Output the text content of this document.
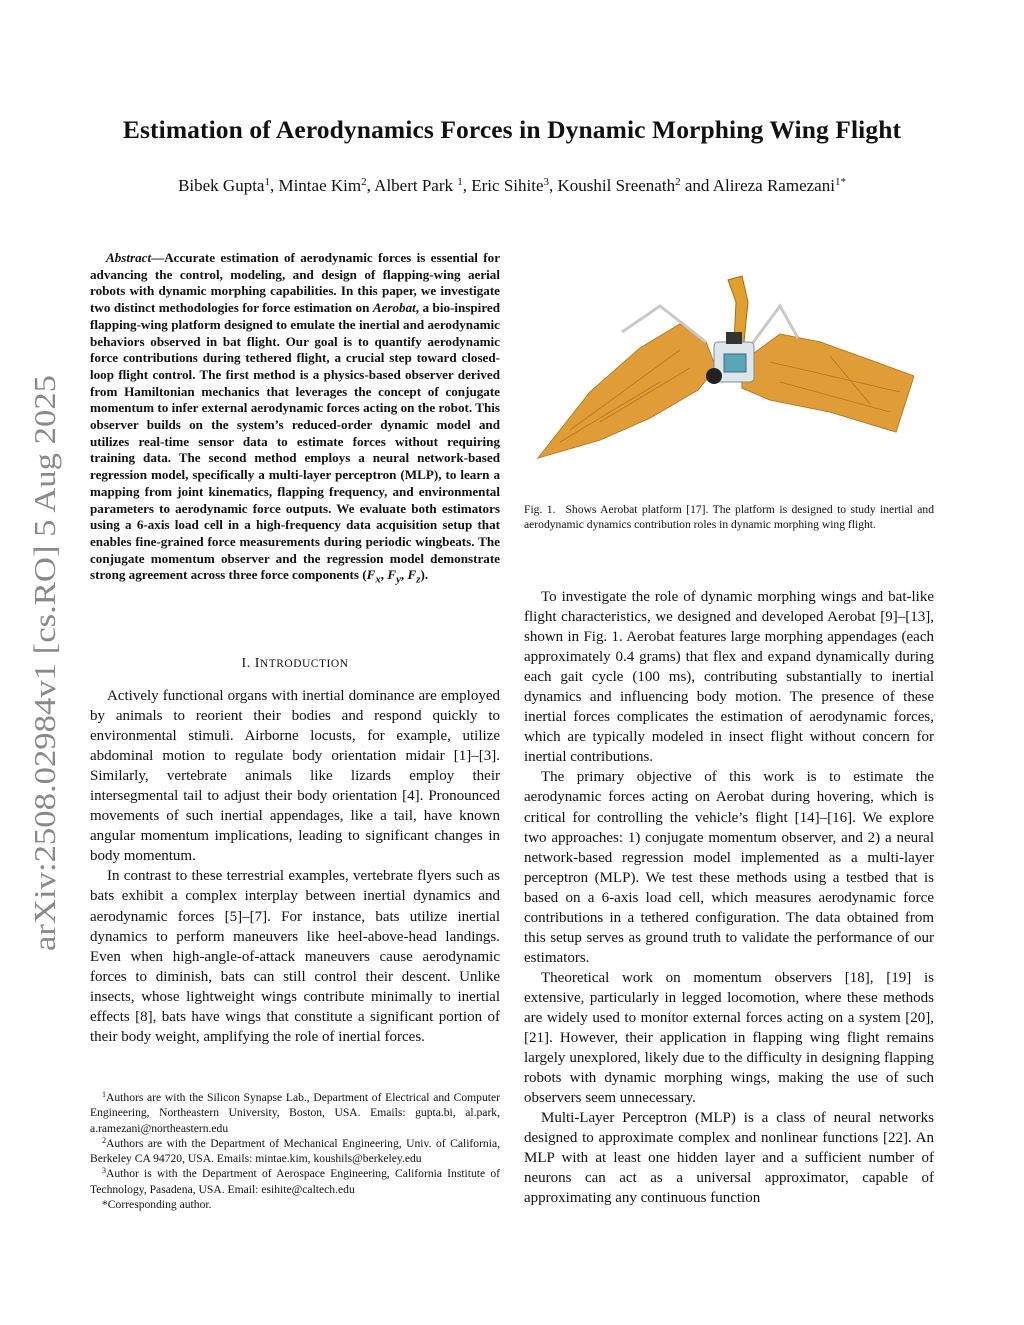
arXiv:2508.02984v1 [cs.RO] 5 Aug 2025
Estimation of Aerodynamics Forces in Dynamic Morphing Wing Flight
Bibek Gupta$^1$, Mintae Kim$^2$, Albert Park $^1$, Eric Sihite$^3$, Koushil Sreenath$^2$ and Alireza Ramezani$^{1*}$
Abstract—Accurate estimation of aerodynamic forces is essential for advancing the control, modeling, and design of flapping-wing aerial robots with dynamic morphing capabilities. In this paper, we investigate two distinct methodologies for force estimation on Aerobat, a bio-inspired flapping-wing platform designed to emulate the inertial and aerodynamic behaviors observed in bat flight. Our goal is to quantify aerodynamic force contributions during tethered flight, a crucial step toward closed-loop flight control. The first method is a physics-based observer derived from Hamiltonian mechanics that leverages the concept of conjugate momentum to infer external aerodynamic forces acting on the robot. This observer builds on the system’s reduced-order dynamic model and utilizes real-time sensor data to estimate forces without requiring training data. The second method employs a neural network-based regression model, specifically a multi-layer perceptron (MLP), to learn a mapping from joint kinematics, flapping frequency, and environmental parameters to aerodynamic force outputs. We evaluate both estimators using a 6-axis load cell in a high-frequency data acquisition setup that enables fine-grained force measurements during periodic wingbeats. The conjugate momentum observer and the regression model demonstrate strong agreement across three force components ($F_x$, $F_y$, $F_z$).
I. INTRODUCTION

Actively functional organs with inertial dominance are employed by animals to reorient their bodies and respond quickly to environmental stimuli. Airborne locusts, for example, utilize abdominal motion to regulate body orientation midair [1]–[3]. Similarly, vertebrate animals like lizards employ their intersegmental tail to adjust their body orientation [4]. Pronounced movements of such inertial appendages, like a tail, have known angular momentum implications, leading to significant changes in body momentum.

In contrast to these terrestrial examples, vertebrate flyers such as bats exhibit a complex interplay between inertial dynamics and aerodynamic forces [5]–[7]. For instance, bats utilize inertial dynamics to perform maneuvers like heel-above-head landings. Even when high-angle-of-attack maneuvers cause aerodynamic forces to diminish, bats can still control their descent. Unlike insects, whose lightweight wings contribute minimally to inertial effects [8], bats have wings that constitute a significant portion of their body weight, amplifying the role of inertial forces.

$^1$Authors are with the Silicon Synapse Lab., Department of Electrical and Computer Engineering, Northeastern University, Boston, USA. Emails: gupta.bi, al.park, a.ramezani@northeastern.edu

$^2$Authors are with the Department of Mechanical Engineering, Univ. of California, Berkeley CA 94720, USA. Emails: mintae.kim, koushils@berkeley.edu

$^3$Author is with the Department of Aerospace Engineering, California Institute of Technology, Pasadena, USA. Email: esihite@caltech.edu

*Corresponding author.

Fig. 1. Shows Aerobat platform [17]. The platform is designed to study inertial and aerodynamic dynamics contribution roles in dynamic morphing wing flight.

To investigate the role of dynamic morphing wings and bat-like flight characteristics, we designed and developed Aerobat [9]–[13], shown in Fig. 1. Aerobat features large morphing appendages (each approximately 0.4 grams) that flex and expand dynamically during each gait cycle (100 ms), contributing substantially to inertial dynamics and influencing body motion. The presence of these inertial forces complicates the estimation of aerodynamic forces, which are typically modeled in insect flight without concern for inertial contributions.

The primary objective of this work is to estimate the aerodynamic forces acting on Aerobat during hovering, which is critical for controlling the vehicle’s flight [14]–[16]. We explore two approaches: 1) conjugate momentum observer, and 2) a neural network-based regression model implemented as a multi-layer perceptron (MLP). We test these methods using a testbed that is based on a 6-axis load cell, which measures aerodynamic force contributions in a tethered configuration. The data obtained from this setup serves as ground truth to validate the performance of our estimators.

Theoretical work on momentum observers [18], [19] is extensive, particularly in legged locomotion, where these methods are widely used to monitor external forces acting on a system [20], [21]. However, their application in flapping wing flight remains largely unexplored, likely due to the difficulty in designing flapping robots with dynamic morphing wings, making the use of such observers seem unnecessary.

Multi-Layer Perceptron (MLP) is a class of neural networks designed to approximate complex and nonlinear functions [22]. An MLP with at least one hidden layer and a sufficient number of neurons can act as a universal approximator, capable of approximating any continuous function
